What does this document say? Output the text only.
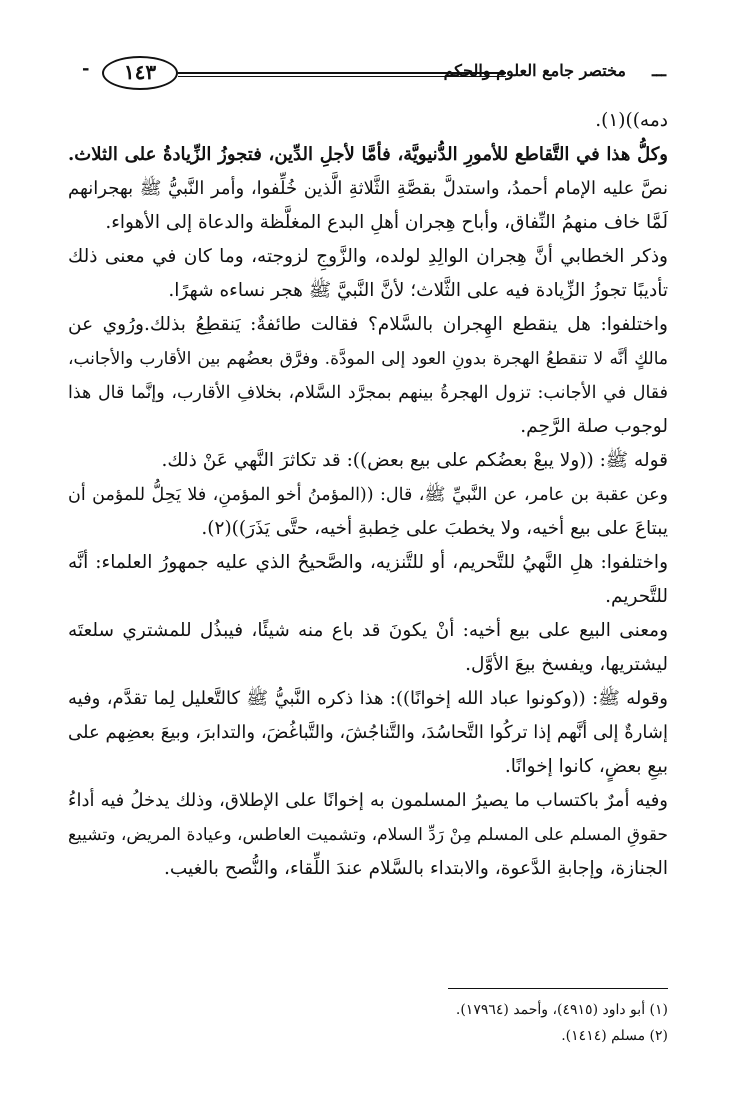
ـــ
مختصر جامع العلوم والحكم
١٤٣
-
دمه))(١).
وكلُّ هذا في التَّقاطع للأمورِ الدُّنيويَّة، فأمَّا لأجلِ الدِّين، فتجوزُ الزِّيادةُ على الثلاث.
نصَّ عليه الإمام أحمدُ، واستدلَّ بقصَّةِ الثَّلاثةِ الَّذين خُلِّفوا، وأمر النَّبيُّ ﷺ بهجرانهم
لَمَّا خاف منهمُ النِّفاق، وأباح هِجران أهلِ البدع المغلَّظة والدعاة إلى الأهواء.
وذكر الخطابي أنَّ هِجران الوالِدِ لولده، والزَّوجِ لزوجته، وما كان في معنى ذلك
تأديبًا تجوزُ الزِّيادة فيه على الثَّلاث؛ لأنَّ النَّبيَّ ﷺ هجر نساءه شهرًا.
واختلفوا: هل ينقطع الهِجران بالسَّلام؟ فقالت طائفةٌ: يَنقطِعُ بذلك.ورُوي عن
مالكٍ أنَّه لا تنقطعُ الهجرة بدونِ العود إلى المودَّة. وفرَّق بعضُهم بين الأقارب والأجانب،
فقال في الأجانب: تزول الهجرةُ بينهم بمجرَّد السَّلام، بخلافِ الأقارب، وإنَّما قال هذا
لوجوب صلة الرَّحِم.
قوله ﷺ: ((ولا يبعْ بعضُكم على بيع بعض)): قد تكاثرَ النَّهي عَنْ ذلك.
وعن عقبة بن عامر، عن النَّبيِّ ﷺ، قال: ((المؤمنُ أخو المؤمنِ، فلا يَحِلُّ للمؤمن أن
يبتاعَ على بيع أخيه، ولا يخطبَ على خِطبةِ أخيه، حتَّى يَذَرَ))(٢).
واختلفوا: هلِ النَّهيُ للتَّحريم، أو للتَّنزيه، والصَّحيحُ الذي عليه جمهورُ العلماء: أنَّه
للتَّحريم.
ومعنى البيع على بيع أخيه: أنْ يكونَ قد باع منه شيئًا، فيبذُل للمشتري سلعتَه
ليشتريها، ويفسخ بيعَ الأوَّل.
وقوله ﷺ: ((وكونوا عباد الله إخوانًا)): هذا ذكره النَّبيُّ ﷺ كالتَّعليل لِما تقدَّم، وفيه
إشارةٌ إلى أنَّهم إذا تركُوا التَّحاسُدَ، والتَّناجُشَ، والتَّباغُضَ، والتدابرَ، وبيعَ بعضِهم على
بيعِ بعضٍ، كانوا إخوانًا.
وفيه أمرٌ باكتساب ما يصيرُ المسلمون به إخوانًا على الإطلاق، وذلك يدخلُ فيه أداءُ
حقوقِ المسلم على المسلم مِنْ رَدِّ السلام، وتشميت العاطس، وعيادة المريض، وتشييع
الجنازة، وإجابةِ الدَّعوة، والابتداء بالسَّلام عندَ اللِّقاء، والنُّصح بالغيب.
(١) أبو داود (٤٩١٥)، وأحمد (١٧٩٦٤).
(٢) مسلم (١٤١٤).
